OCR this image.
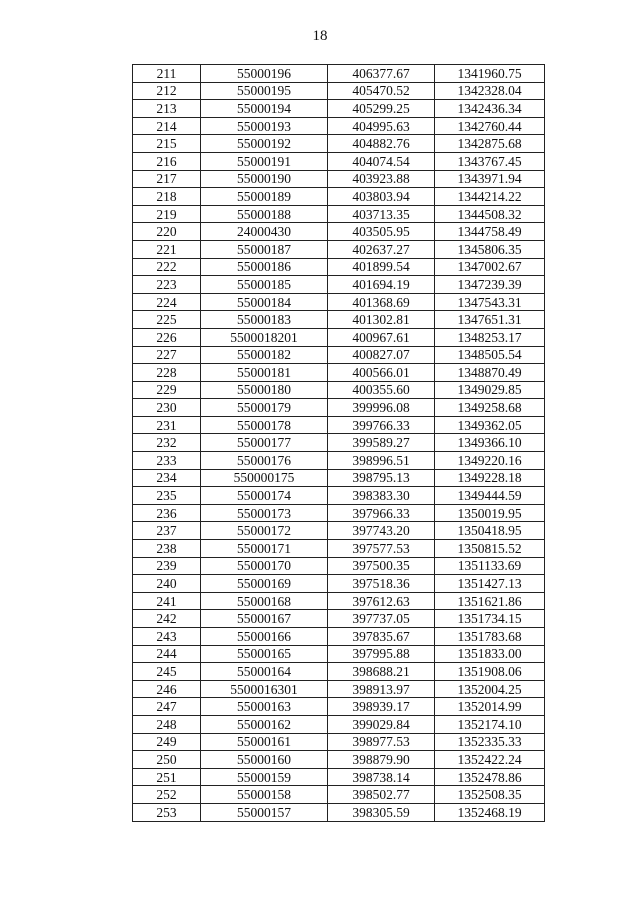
18
211	55000196	406377.67	1341960.75
212	55000195	405470.52	1342328.04
213	55000194	405299.25	1342436.34
214	55000193	404995.63	1342760.44
215	55000192	404882.76	1342875.68
216	55000191	404074.54	1343767.45
217	55000190	403923.88	1343971.94
218	55000189	403803.94	1344214.22
219	55000188	403713.35	1344508.32
220	24000430	403505.95	1344758.49
221	55000187	402637.27	1345806.35
222	55000186	401899.54	1347002.67
223	55000185	401694.19	1347239.39
224	55000184	401368.69	1347543.31
225	55000183	401302.81	1347651.31
226	5500018201	400967.61	1348253.17
227	55000182	400827.07	1348505.54
228	55000181	400566.01	1348870.49
229	55000180	400355.60	1349029.85
230	55000179	399996.08	1349258.68
231	55000178	399766.33	1349362.05
232	55000177	399589.27	1349366.10
233	55000176	398996.51	1349220.16
234	550000175	398795.13	1349228.18
235	55000174	398383.30	1349444.59
236	55000173	397966.33	1350019.95
237	55000172	397743.20	1350418.95
238	55000171	397577.53	1350815.52
239	55000170	397500.35	1351133.69
240	55000169	397518.36	1351427.13
241	55000168	397612.63	1351621.86
242	55000167	397737.05	1351734.15
243	55000166	397835.67	1351783.68
244	55000165	397995.88	1351833.00
245	55000164	398688.21	1351908.06
246	5500016301	398913.97	1352004.25
247	55000163	398939.17	1352014.99
248	55000162	399029.84	1352174.10
249	55000161	398977.53	1352335.33
250	55000160	398879.90	1352422.24
251	55000159	398738.14	1352478.86
252	55000158	398502.77	1352508.35
253	55000157	398305.59	1352468.19
